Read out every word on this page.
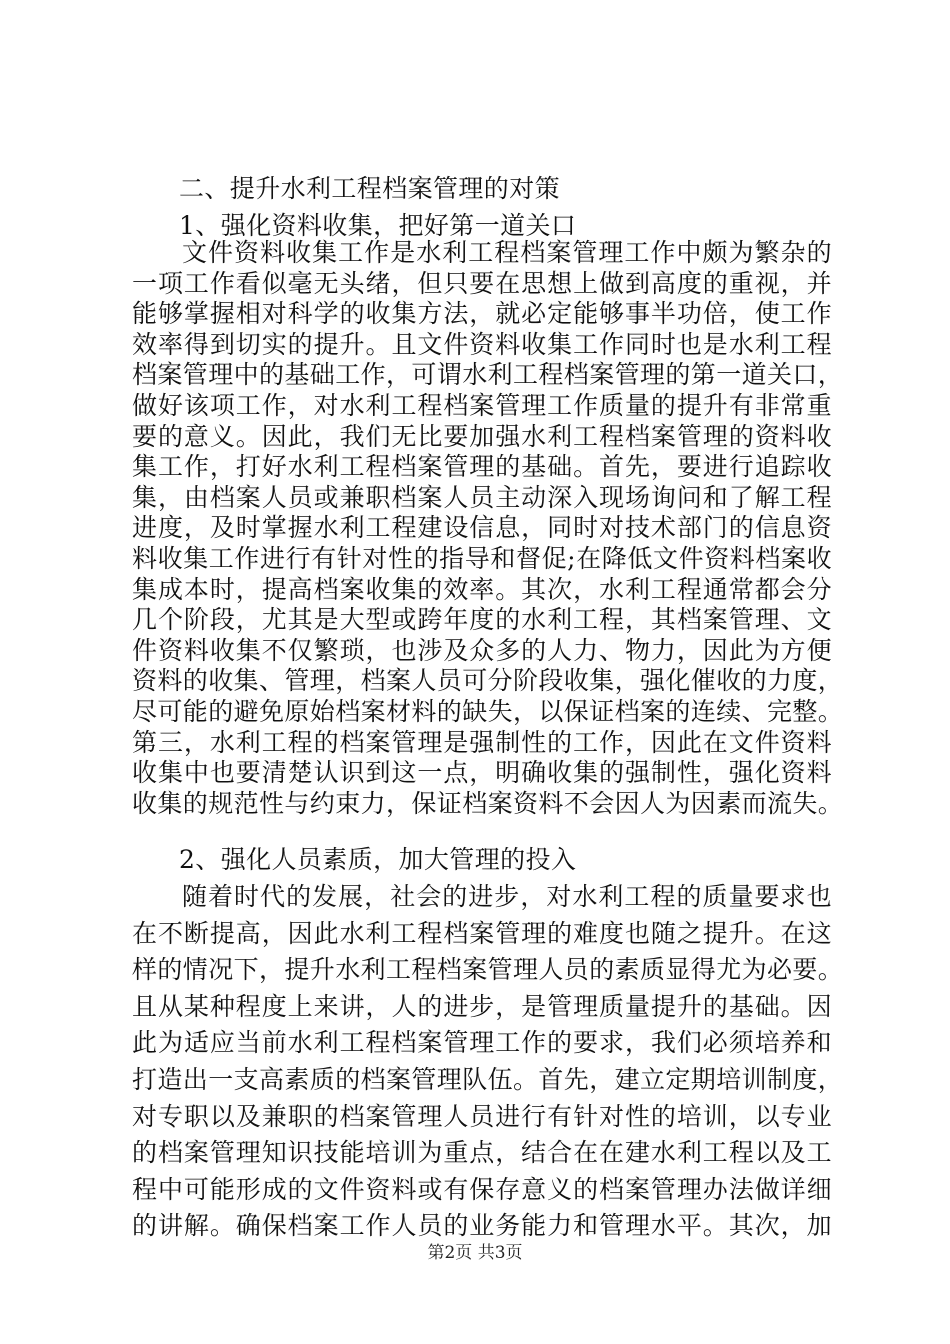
二、提升水利工程档案管理的对策
1、强化资料收集，把好第一道关口
文件资料收集工作是水利工程档案管理工作中颇为繁杂的
一项工作看似毫无头绪，但只要在思想上做到高度的重视，并
能够掌握相对科学的收集方法，就必定能够事半功倍，使工作
效率得到切实的提升。且文件资料收集工作同时也是水利工程
档案管理中的基础工作，可谓水利工程档案管理的第一道关口，
做好该项工作，对水利工程档案管理工作质量的提升有非常重
要的意义。因此，我们无比要加强水利工程档案管理的资料收
集工作，打好水利工程档案管理的基础。首先，要进行追踪收
集，由档案人员或兼职档案人员主动深入现场询问和了解工程
进度，及时掌握水利工程建设信息，同时对技术部门的信息资
料收集工作进行有针对性的指导和督促;在降低文件资料档案收
集成本时，提高档案收集的效率。其次，水利工程通常都会分
几个阶段，尤其是大型或跨年度的水利工程，其档案管理、文
件资料收集不仅繁琐，也涉及众多的人力、物力，因此为方便
资料的收集、管理，档案人员可分阶段收集，强化催收的力度，
尽可能的避免原始档案材料的缺失，以保证档案的连续、完整。
第三，水利工程的档案管理是强制性的工作，因此在文件资料
收集中也要清楚认识到这一点，明确收集的强制性，强化资料
收集的规范性与约束力，保证档案资料不会因人为因素而流失。
2、强化人员素质，加大管理的投入
随着时代的发展，社会的进步，对水利工程的质量要求也
在不断提高，因此水利工程档案管理的难度也随之提升。在这
样的情况下，提升水利工程档案管理人员的素质显得尤为必要。
且从某种程度上来讲，人的进步，是管理质量提升的基础。因
此为适应当前水利工程档案管理工作的要求，我们必须培养和
打造出一支高素质的档案管理队伍。首先，建立定期培训制度，
对专职以及兼职的档案管理人员进行有针对性的培训，以专业
的档案管理知识技能培训为重点，结合在在建水利工程以及工
程中可能形成的文件资料或有保存意义的档案管理办法做详细
的讲解。确保档案工作人员的业务能力和管理水平。其次，加
第2页 共3页
